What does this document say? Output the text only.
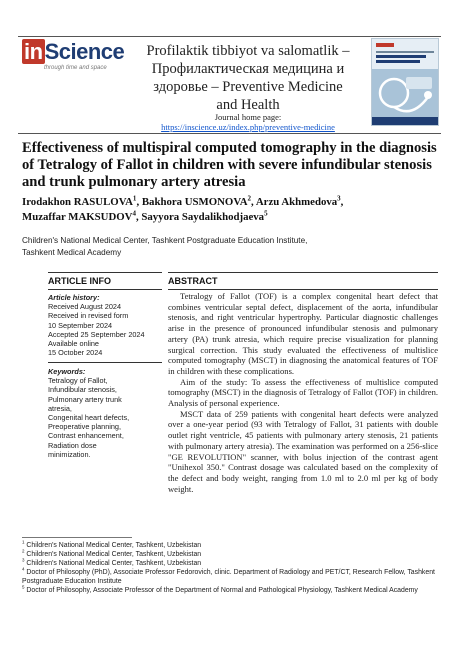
inScience
through time and space
Profilaktik tibbiyot va salomatlik –
Профилактическая медицина и
здоровье – Preventive Medicine
and Health
Journal home page:
https://inscience.uz/index.php/preventive-medicine
Effectiveness of multispiral computed tomography in the diagnosis of Tetralogy of Fallot in children with severe infundibular stenosis and trunk pulmonary artery atresia
Irodakhon RASULOVA$^1$, Bakhora USMONOVA$^2$, Arzu Akhmedova$^3$,
Muzaffar MAKSUDOV$^4$, Sayyora Saydalikhodjaeva$^5$
Children's National Medical Center, Tashkent Postgraduate Education Institute,
Tashkent Medical Academy
ARTICLE INFO
Article history:
Received August 2024
Received in revised form
10 September 2024
Accepted 25 September 2024
Available online
15 October 2024
Keywords:
Tetralogy of Fallot,
Infundibular stenosis,
Pulmonary artery trunk
atresia,
Congenital heart defects,
Preoperative planning,
Contrast enhancement,
Radiation dose
minimization.
ABSTRACT

Tetralogy of Fallot (TOF) is a complex congenital heart defect that combines ventricular septal defect, displacement of the aorta, infundibular stenosis, and right ventricular hypertrophy. Particular diagnostic challenges arise in the presence of pronounced infundibular stenosis and pulmonary artery (PA) trunk atresia, which require precise visualization for planning surgical correction. This study evaluated the effectiveness of multislice computed tomography (MSCT) in diagnosing the anatomical features of TOF in children with these complications.

Aim of the study: To assess the effectiveness of multislice computed tomography (MSCT) in the diagnosis of Tetralogy of Fallot (TOF) in children. Analysis of personal experience.

MSCT data of 259 patients with congenital heart defects were analyzed over a one-year period (93 with Tetralogy of Fallot, 31 patients with double outlet right ventricle, 45 patients with pulmonary artery stenosis, 21 patients with pulmonary artery atresia). The examination was performed on a 256-slice "GE REVOLUTION" scanner, with bolus injection of the contrast agent "Unihexol 350." Contrast dosage was calculated based on the complexity of the defect and body weight, ranging from 1.0 ml to 2.0 ml per kg of body weight.

$^1$ Children's National Medical Center, Tashkent, Uzbekistan
$^2$ Children's National Medical Center, Tashkent, Uzbekistan
$^3$ Children's National Medical Center, Tashkent, Uzbekistan
$^4$ Doctor of Philosophy (PhD), Associate Professor Fedorovich, clinic. Department of Radiology and PET/CT, Research Fellow, Tashkent Postgraduate Education Institute
$^5$ Doctor of Philosophy, Associate Professor of the Department of Normal and Pathological Physiology, Tashkent Medical Academy
